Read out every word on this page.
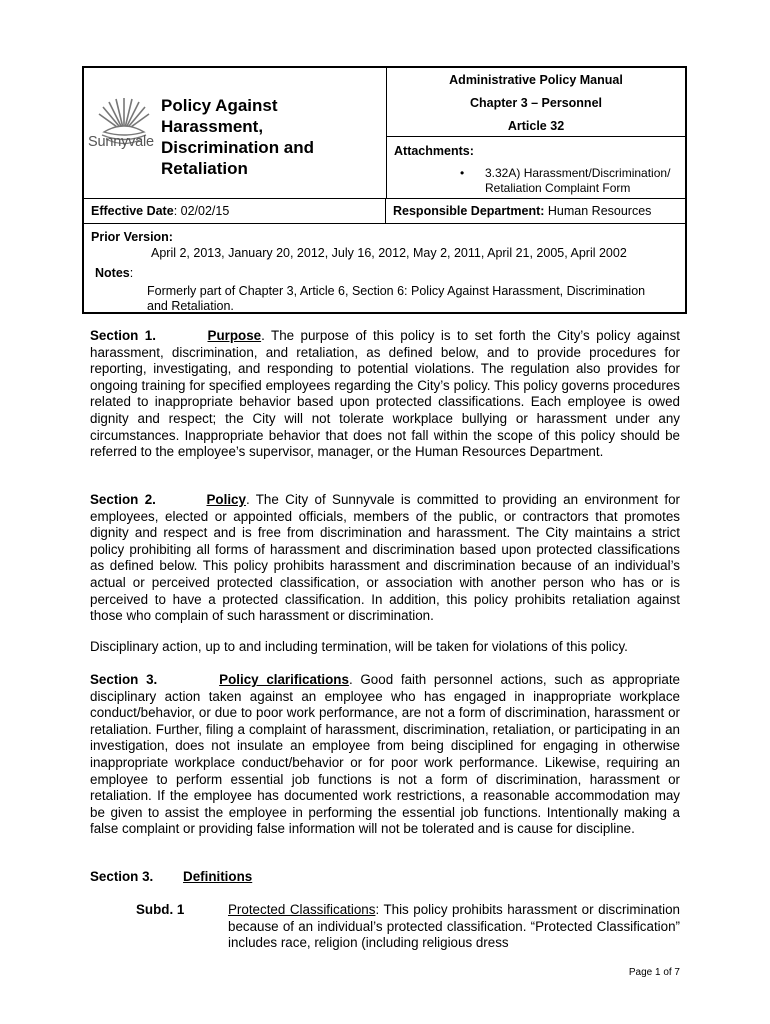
Sunnyvale
Policy Against Harassment, Discrimination and Retaliation
Administrative Policy Manual
Chapter 3 – Personnel
Article 32
Attachments:
• 3.32A) Harassment/Discrimination/ Retaliation Complaint Form
Effective Date: 02/02/15	Responsible Department: Human Resources
Prior Version:
April 2, 2013, January 20, 2012, July 16, 2012, May 2, 2011, April 21, 2005, April 2002
Notes:
Formerly part of Chapter 3, Article 6, Section 6: Policy Against Harassment, Discrimination and Retaliation.
Section 1.	Purpose. The purpose of this policy is to set forth the City’s policy against harassment, discrimination, and retaliation, as defined below, and to provide procedures for reporting, investigating, and responding to potential violations. The regulation also provides for ongoing training for specified employees regarding the City’s policy. This policy governs procedures related to inappropriate behavior based upon protected classifications. Each employee is owed dignity and respect; the City will not tolerate workplace bullying or harassment under any circumstances. Inappropriate behavior that does not fall within the scope of this policy should be referred to the employee’s supervisor, manager, or the Human Resources Department.
Section 2.	Policy. The City of Sunnyvale is committed to providing an environment for employees, elected or appointed officials, members of the public, or contractors that promotes dignity and respect and is free from discrimination and harassment. The City maintains a strict policy prohibiting all forms of harassment and discrimination based upon protected classifications as defined below. This policy prohibits harassment and discrimination because of an individual’s actual or perceived protected classification, or association with another person who has or is perceived to have a protected classification. In addition, this policy prohibits retaliation against those who complain of such harassment or discrimination.
Disciplinary action, up to and including termination, will be taken for violations of this policy.
Section 3.	Policy clarifications. Good faith personnel actions, such as appropriate disciplinary action taken against an employee who has engaged in inappropriate workplace conduct/behavior, or due to poor work performance, are not a form of discrimination, harassment or retaliation. Further, filing a complaint of harassment, discrimination, retaliation, or participating in an investigation, does not insulate an employee from being disciplined for engaging in otherwise inappropriate workplace conduct/behavior or for poor work performance. Likewise, requiring an employee to perform essential job functions is not a form of discrimination, harassment or retaliation. If the employee has documented work restrictions, a reasonable accommodation may be given to assist the employee in performing the essential job functions. Intentionally making a false complaint or providing false information will not be tolerated and is cause for discipline.
Section 3. Definitions
Subd. 1	Protected Classifications: This policy prohibits harassment or discrimination because of an individual’s protected classification. “Protected Classification” includes race, religion (including religious dress
Page 1 of 7
